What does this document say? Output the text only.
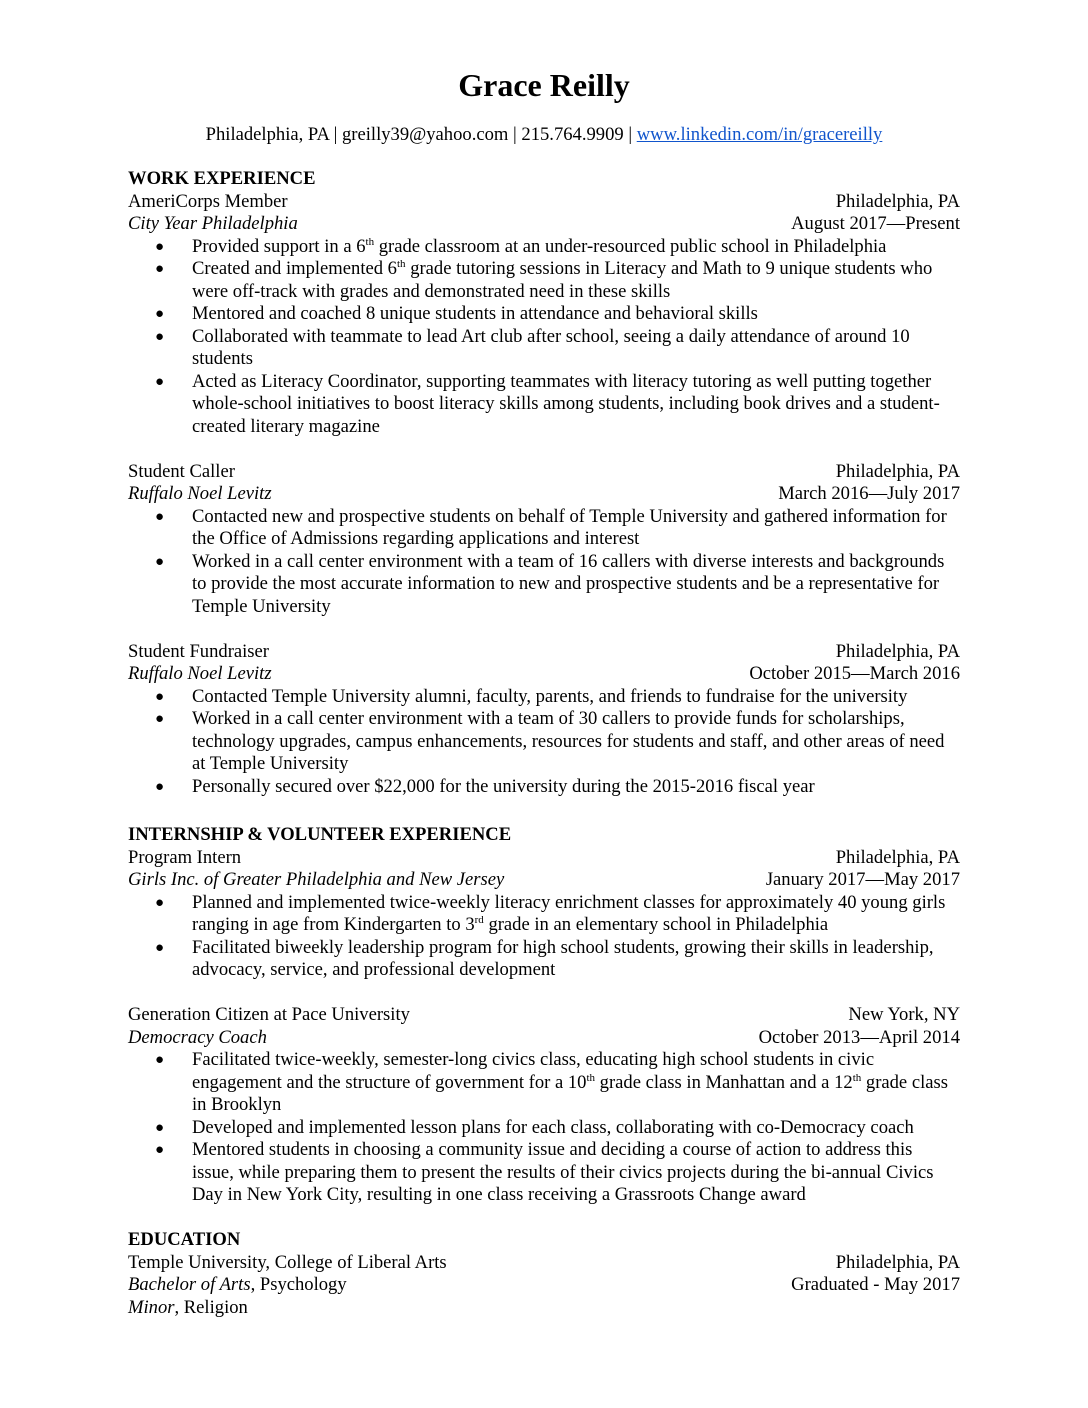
Grace Reilly
Philadelphia, PA | greilly39@yahoo.com | 215.764.9909 | www.linkedin.com/in/gracereilly
WORK EXPERIENCE
AmeriCorps Member	Philadelphia, PA
City Year Philadelphia	August 2017—Present
● Provided support in a 6th grade classroom at an under-resourced public school in Philadelphia
● Created and implemented 6th grade tutoring sessions in Literacy and Math to 9 unique students who were off-track with grades and demonstrated need in these skills
● Mentored and coached 8 unique students in attendance and behavioral skills
● Collaborated with teammate to lead Art club after school, seeing a daily attendance of around 10 students
● Acted as Literacy Coordinator, supporting teammates with literacy tutoring as well putting together whole-school initiatives to boost literacy skills among students, including book drives and a student-created literary magazine
Student Caller	Philadelphia, PA
Ruffalo Noel Levitz	March 2016—July 2017
● Contacted new and prospective students on behalf of Temple University and gathered information for the Office of Admissions regarding applications and interest
● Worked in a call center environment with a team of 16 callers with diverse interests and backgrounds to provide the most accurate information to new and prospective students and be a representative for Temple University
Student Fundraiser	Philadelphia, PA
Ruffalo Noel Levitz	October 2015—March 2016
● Contacted Temple University alumni, faculty, parents, and friends to fundraise for the university
● Worked in a call center environment with a team of 30 callers to provide funds for scholarships, technology upgrades, campus enhancements, resources for students and staff, and other areas of need at Temple University
● Personally secured over $22,000 for the university during the 2015-2016 fiscal year
INTERNSHIP & VOLUNTEER EXPERIENCE
Program Intern	Philadelphia, PA
Girls Inc. of Greater Philadelphia and New Jersey	January 2017—May 2017
● Planned and implemented twice-weekly literacy enrichment classes for approximately 40 young girls ranging in age from Kindergarten to 3rd grade in an elementary school in Philadelphia
● Facilitated biweekly leadership program for high school students, growing their skills in leadership, advocacy, service, and professional development
Generation Citizen at Pace University	New York, NY
Democracy Coach	October 2013—April 2014
● Facilitated twice-weekly, semester-long civics class, educating high school students in civic engagement and the structure of government for a 10th grade class in Manhattan and a 12th grade class in Brooklyn
● Developed and implemented lesson plans for each class, collaborating with co-Democracy coach
● Mentored students in choosing a community issue and deciding a course of action to address this issue, while preparing them to present the results of their civics projects during the bi-annual Civics Day in New York City, resulting in one class receiving a Grassroots Change award
EDUCATION
Temple University, College of Liberal Arts	Philadelphia, PA
Bachelor of Arts, Psychology	Graduated - May 2017
Minor, Religion
